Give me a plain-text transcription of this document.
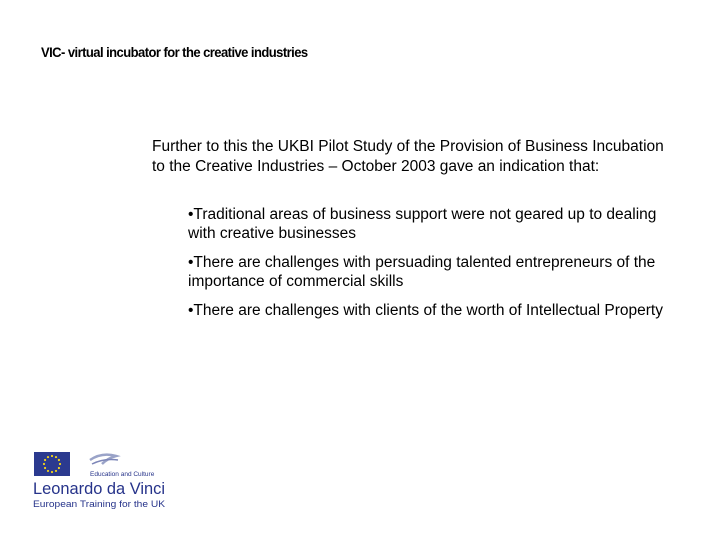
VIC- virtual incubator for the creative industries
Further to this the UKBI Pilot Study of the Provision of Business Incubation to the Creative Industries – October 2003 gave an indication that:
•Traditional areas of business support were not geared up to dealing with creative businesses
•There are challenges with persuading talented entrepreneurs of the importance of commercial skills
•There are challenges with clients of the worth of Intellectual Property
Education and Culture
Leonardo da Vinci
European Training for the UK
